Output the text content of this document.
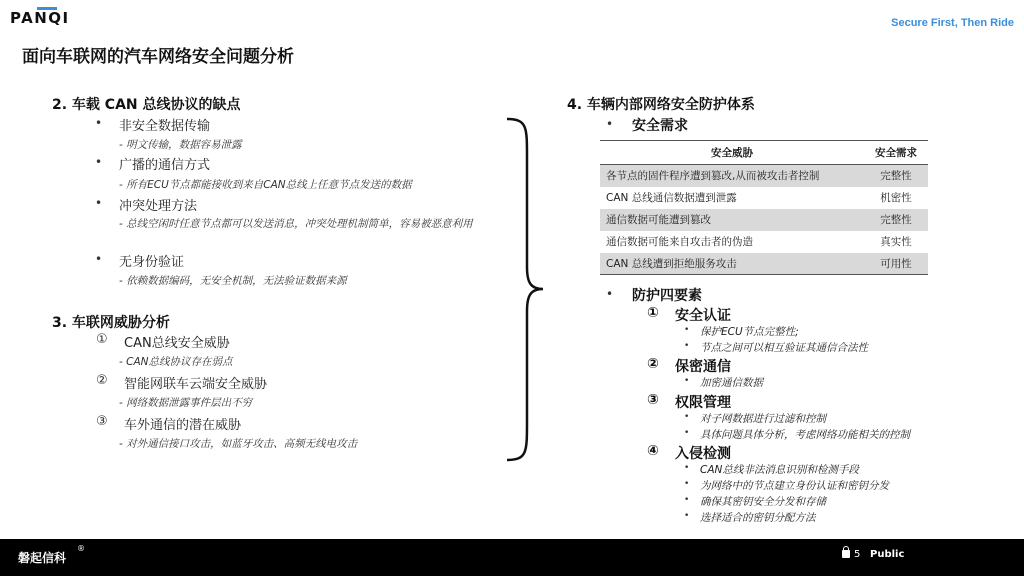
PANQI	Secure First, Then Ride
面向车联网的汽车网络安全问题分析
2. 车载 CAN 总线协议的缺点
• 非安全数据传输
- 明文传输，数据容易泄露
• 广播的通信方式
- 所有ECU节点都能接收到来自CAN总线上任意节点发送的数据
• 冲突处理方法
- 总线空闲时任意节点都可以发送消息，冲突处理机制简单，容易被恶意利用
• 无身份验证
- 依赖数据编码，无安全机制，无法验证数据来源
3. 车联网威胁分析
① CAN总线安全威胁
- CAN总线协议存在弱点
② 智能网联车云端安全威胁
- 网络数据泄露事件层出不穷
③ 车外通信的潜在威胁
- 对外通信接口攻击，如蓝牙攻击、高频无线电攻击
4. 车辆内部网络安全防护体系
• 安全需求
安全威胁	安全需求
各节点的固件程序遭到篡改,从而被攻击者控制	完整性
CAN 总线通信数据遭到泄露	机密性
通信数据可能遭到篡改	完整性
通信数据可能来自攻击者的伪造	真实性
CAN 总线遭到拒绝服务攻击	可用性
• 防护四要素
① 安全认证
• 保护ECU节点完整性;
• 节点之间可以相互验证其通信合法性
② 保密通信
• 加密通信数据
③ 权限管理
• 对子网数据进行过滤和控制
• 具体问题具体分析，考虑网络功能相关的控制
④ 入侵检测
• CAN总线非法消息识别和检测手段
• 为网络中的节点建立身份认证和密钥分发
• 确保其密钥安全分发和存储
• 选择适合的密钥分配方法
磐起信科
®
5 Public
